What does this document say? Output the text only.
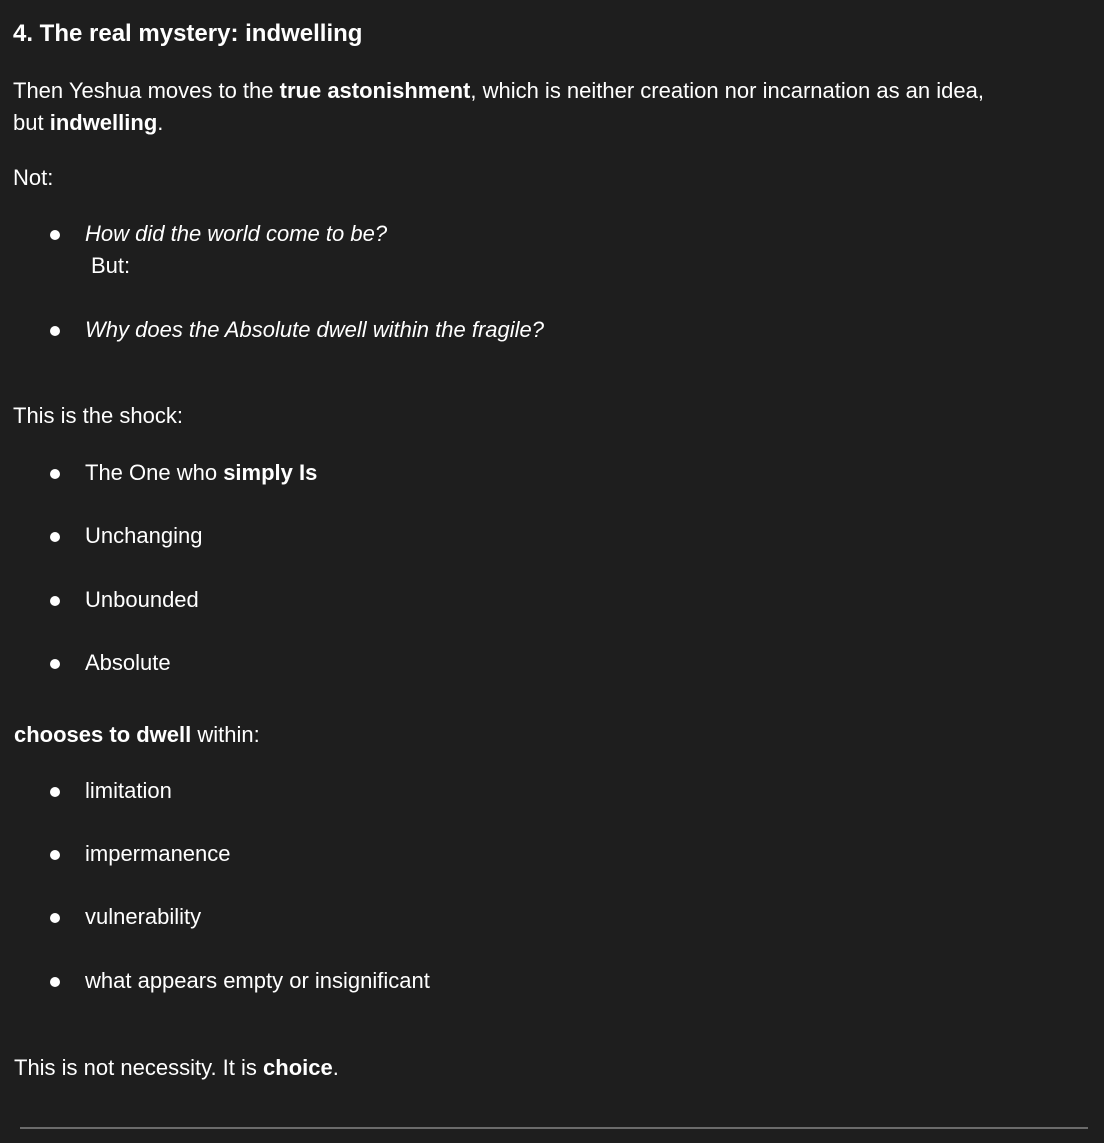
4. The real mystery: indwelling

Then Yeshua moves to the true astonishment, which is neither creation nor incarnation as an idea,
but indwelling.

Not:

How did the world come to be?
But:
Why does the Absolute dwell within the fragile?

This is the shock:

The One who simply Is
Unchanging
Unbounded
Absolute

chooses to dwell within:

limitation
impermanence
vulnerability
what appears empty or insignificant

This is not necessity. It is choice.
